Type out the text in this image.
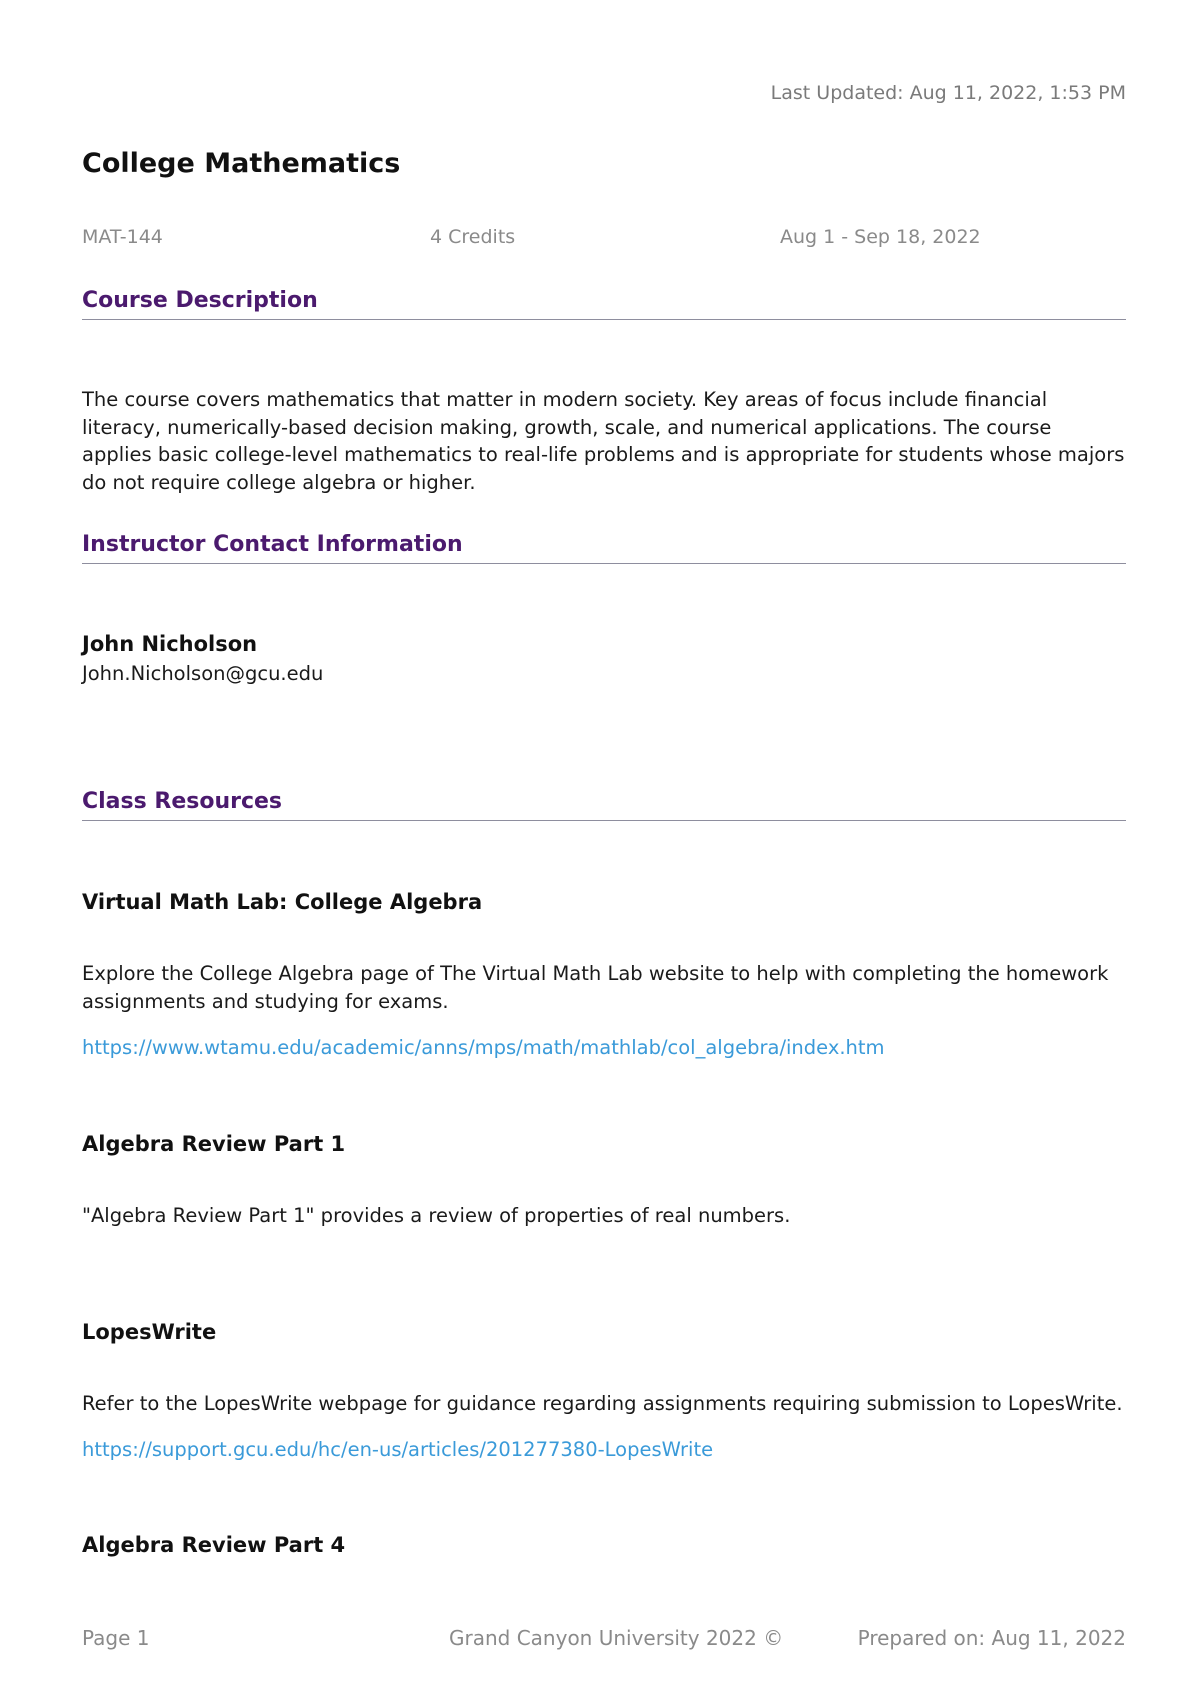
Last Updated: Aug 11, 2022, 1:53 PM
College Mathematics
MAT-144	4 Credits	Aug 1 - Sep 18, 2022
Course Description

The course covers mathematics that matter in modern society. Key areas of focus include financial literacy, numerically-based decision making, growth, scale, and numerical applications. The course applies basic college-level mathematics to real-life problems and is appropriate for students whose majors do not require college algebra or higher.

Instructor Contact Information
John Nicholson
John.Nicholson@gcu.edu
Class Resources
Virtual Math Lab: College Algebra

Explore the College Algebra page of The Virtual Math Lab website to help with completing the homework assignments and studying for exams.

https://www.wtamu.edu/academic/anns/mps/math/mathlab/col_algebra/index.htm
Algebra Review Part 1

"Algebra Review Part 1" provides a review of properties of real numbers.

LopesWrite

Refer to the LopesWrite webpage for guidance regarding assignments requiring submission to LopesWrite.

https://support.gcu.edu/hc/en-us/articles/201277380-LopesWrite
Algebra Review Part 4
Page 1	Grand Canyon University 2022 ©	Prepared on: Aug 11, 2022
